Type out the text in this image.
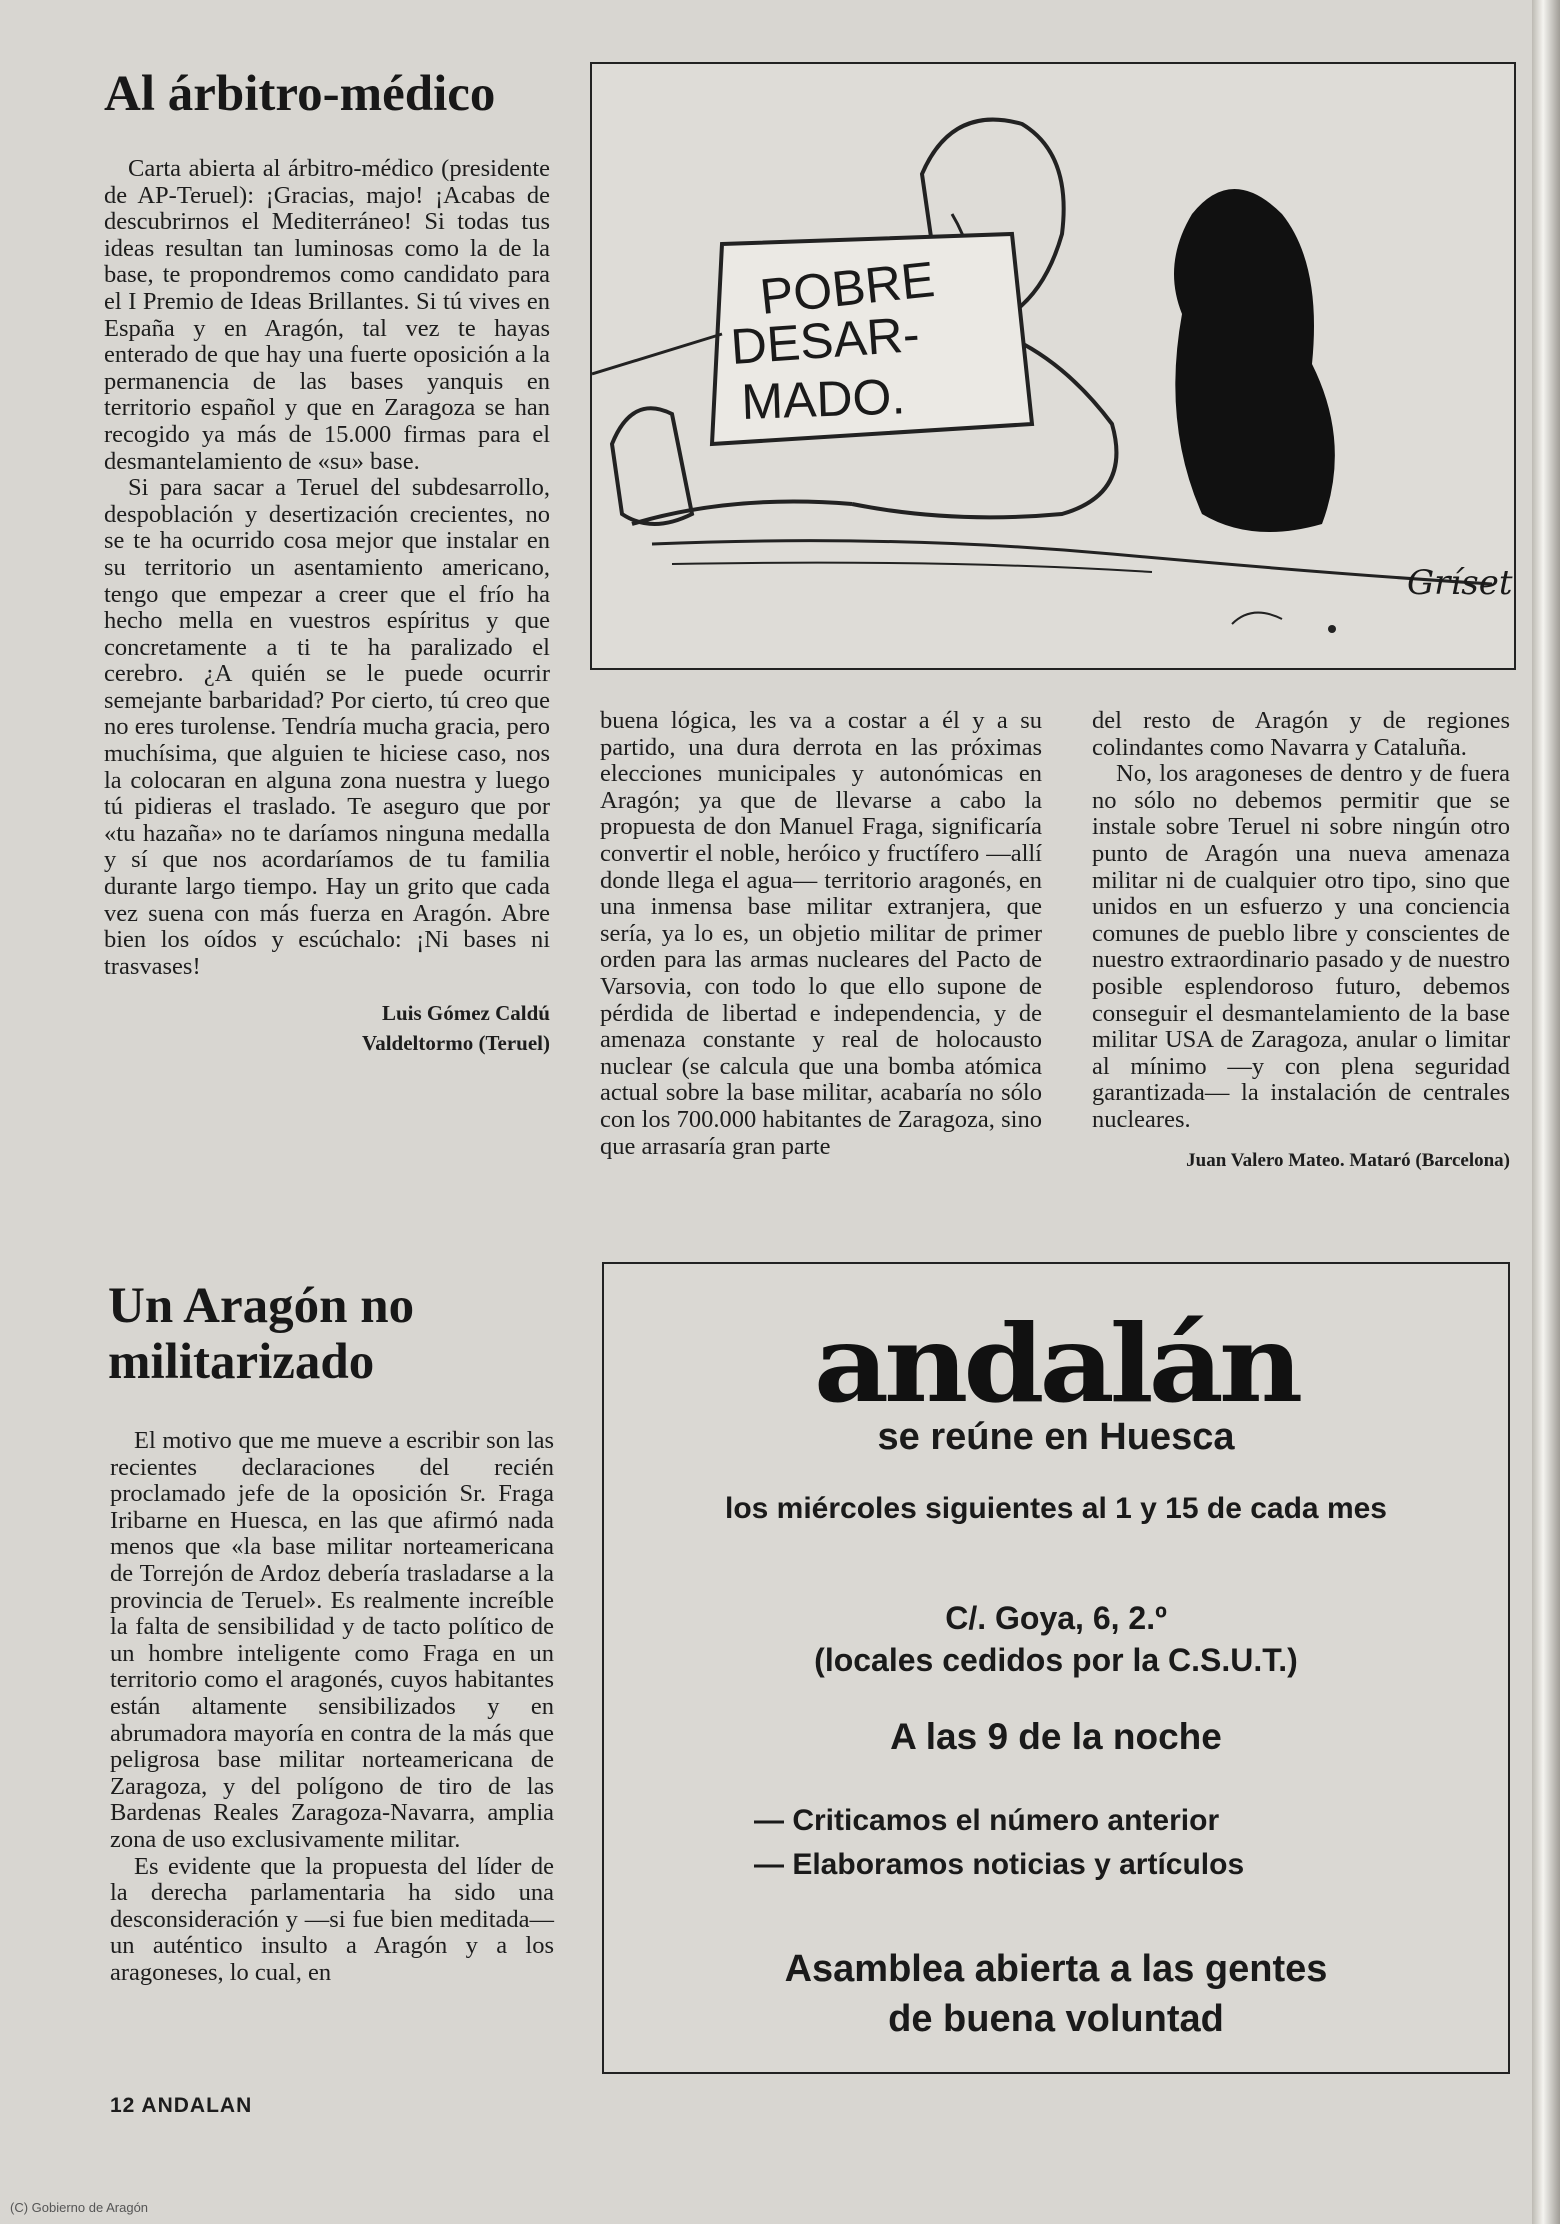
Al árbitro-médico

Carta abierta al árbitro-médico (presidente de AP-Teruel): ¡Gracias, majo! ¡Acabas de descubrirnos el Mediterráneo! Si todas tus ideas resultan tan luminosas como la de la base, te propondremos como candidato para el I Premio de Ideas Brillantes. Si tú vives en España y en Aragón, tal vez te hayas enterado de que hay una fuerte oposición a la permanencia de las bases yanquis en territorio español y que en Zaragoza se han recogido ya más de 15.000 firmas para el desmantelamiento de «su» base.

Si para sacar a Teruel del subdesarrollo, despoblación y desertización crecientes, no se te ha ocurrido cosa mejor que instalar en su territorio un asentamiento americano, tengo que empezar a creer que el frío ha hecho mella en vuestros espíritus y que concretamente a ti te ha paralizado el cerebro. ¿A quién se le puede ocurrir semejante barbaridad? Por cierto, tú creo que no eres turolense. Tendría mucha gracia, pero muchísima, que alguien te hiciese caso, nos la colocaran en alguna zona nuestra y luego tú pidieras el traslado. Te aseguro que por «tu hazaña» no te daríamos ninguna medalla y sí que nos acordaríamos de tu familia durante largo tiempo. Hay un grito que cada vez suena con más fuerza en Aragón. Abre bien los oídos y escúchalo: ¡Ni bases ni trasvases!

Luis Gómez Caldú
Valdeltormo (Teruel)
POBRE
DESAR-
MADO.
Gríset
Un Aragón no
militarizado

El motivo que me mueve a escribir son las recientes declaraciones del recién proclamado jefe de la oposición Sr. Fraga Iribarne en Huesca, en las que afirmó nada menos que «la base militar norteamericana de Torrejón de Ardoz debería trasladarse a la provincia de Teruel». Es realmente increíble la falta de sensibilidad y de tacto político de un hombre inteligente como Fraga en un territorio como el aragonés, cuyos habitantes están altamente sensibilizados y en abrumadora mayoría en contra de la más que peligrosa base militar norteamericana de Zaragoza, y del polígono de tiro de las Bardenas Reales Zaragoza-Navarra, amplia zona de uso exclusivamente militar.

Es evidente que la propuesta del líder de la derecha parlamentaria ha sido una desconsideración y —si fue bien meditada— un auténtico insulto a Aragón y a los aragoneses, lo cual, en

buena lógica, les va a costar a él y a su partido, una dura derrota en las próximas elecciones municipales y autonómicas en Aragón; ya que de llevarse a cabo la propuesta de don Manuel Fraga, significaría convertir el noble, heróico y fructífero —allí donde llega el agua— territorio aragonés, en una inmensa base militar extranjera, que sería, ya lo es, un objetio militar de primer orden para las armas nucleares del Pacto de Varsovia, con todo lo que ello supone de pérdida de libertad e independencia, y de amenaza constante y real de holocausto nuclear (se calcula que una bomba atómica actual sobre la base militar, acabaría no sólo con los 700.000 habitantes de Zaragoza, sino que arrasaría gran parte

del resto de Aragón y de regiones colindantes como Navarra y Cataluña.

No, los aragoneses de dentro y de fuera no sólo no debemos permitir que se instale sobre Teruel ni sobre ningún otro punto de Aragón una nueva amenaza militar ni de cualquier otro tipo, sino que unidos en un esfuerzo y una conciencia comunes de pueblo libre y conscientes de nuestro extraordinario pasado y de nuestro posible esplendoroso futuro, debemos conseguir el desmantelamiento de la base militar USA de Zaragoza, anular o limitar al mínimo —y con plena seguridad garantizada— la instalación de centrales nucleares.

Juan Valero Mateo. Mataró (Barcelona)
andalán
se reúne en Huesca
los miércoles siguientes al 1 y 15 de cada mes
C/. Goya, 6, 2.º
(locales cedidos por la C.S.U.T.)
A las 9 de la noche
— Criticamos el número anterior
— Elaboramos noticias y artículos
Asamblea abierta a las gentes
de buena voluntad
12 ANDALAN
(C) Gobierno de Aragón
